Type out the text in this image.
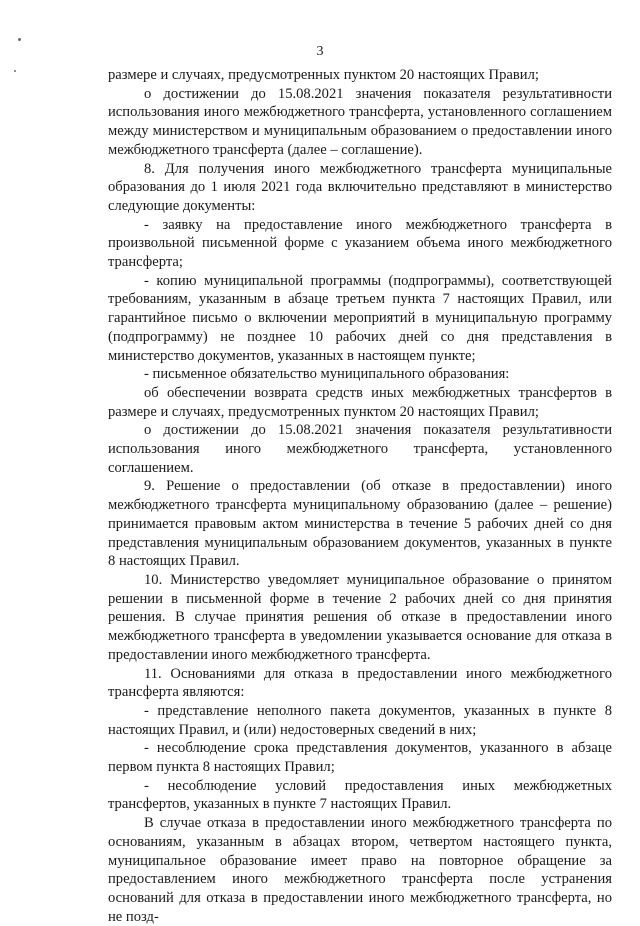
3

размере и случаях, предусмотренных пунктом 20 настоящих Правил;

о достижении до 15.08.2021 значения показателя результативности использования иного межбюджетного трансферта, установленного соглашением между министерством и муниципальным образованием о предоставлении иного межбюджетного трансферта (далее – соглашение).

8. Для получения иного межбюджетного трансферта муниципальные образования до 1 июля 2021 года включительно представляют в министерство следующие документы:

- заявку на предоставление иного межбюджетного трансферта в произвольной письменной форме с указанием объема иного межбюджетного трансферта;

- копию муниципальной программы (подпрограммы), соответствующей требованиям, указанным в абзаце третьем пункта 7 настоящих Правил, или гарантийное письмо о включении мероприятий в муниципальную программу (подпрограмму) не позднее 10 рабочих дней со дня представления в министерство документов, указанных в настоящем пункте;

- письменное обязательство муниципального образования:

об обеспечении возврата средств иных межбюджетных трансфертов в размере и случаях, предусмотренных пунктом 20 настоящих Правил;

о достижении до 15.08.2021 значения показателя результативности использования иного межбюджетного трансферта, установленного соглашением.

9. Решение о предоставлении (об отказе в предоставлении) иного межбюджетного трансферта муниципальному образованию (далее – решение) принимается правовым актом министерства в течение 5 рабочих дней со дня представления муниципальным образованием документов, указанных в пункте 8 настоящих Правил.

10. Министерство уведомляет муниципальное образование о принятом решении в письменной форме в течение 2 рабочих дней со дня принятия решения. В случае принятия решения об отказе в предоставлении иного межбюджетного трансферта в уведомлении указывается основание для отказа в предоставлении иного межбюджетного трансферта.

11. Основаниями для отказа в предоставлении иного межбюджетного трансферта являются:

- представление неполного пакета документов, указанных в пункте 8 настоящих Правил, и (или) недостоверных сведений в них;

- несоблюдение срока представления документов, указанного в абзаце первом пункта 8 настоящих Правил;

- несоблюдение условий предоставления иных межбюджетных трансфертов, указанных в пункте 7 настоящих Правил.

В случае отказа в предоставлении иного межбюджетного трансферта по основаниям, указанным в абзацах втором, четвертом настоящего пункта, муниципальное образование имеет право на повторное обращение за предоставлением иного межбюджетного трансферта после устранения оснований для отказа в предоставлении иного межбюджетного трансферта, но не позд-
